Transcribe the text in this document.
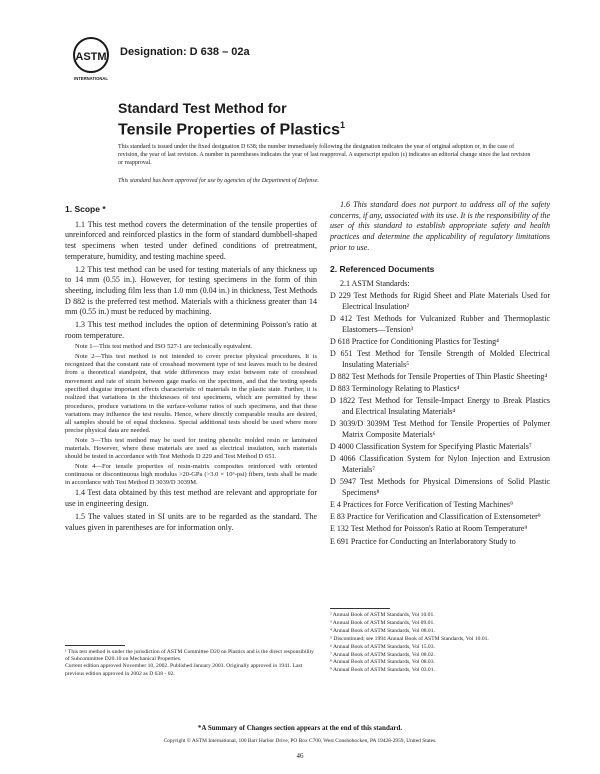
ASTM
INTERNATIONAL
Designation: D 638 – 02a
Standard Test Method for
Tensile Properties of Plastics$^1$
This standard is issued under the fixed designation D 638; the number immediately following the designation indicates the year of original adoption or, in the case of revision, the year of last revision. A number in parentheses indicates the year of last reapproval. A superscript epsilon (ε) indicates an editorial change since the last revision or reapproval.
This standard has been approved for use by agencies of the Department of Defense.
1. Scope *

1.1 This test method covers the determination of the tensile properties of unreinforced and reinforced plastics in the form of standard dumbbell-shaped test specimens when tested under defined conditions of pretreatment, temperature, humidity, and testing machine speed.

1.2 This test method can be used for testing materials of any thickness up to 14 mm (0.55 in.). However, for testing specimens in the form of thin sheeting, including film less than 1.0 mm (0.04 in.) in thickness, Test Methods D 882 is the preferred test method. Materials with a thickness greater than 14 mm (0.55 in.) must be reduced by machining.

1.3 This test method includes the option of determining Poisson's ratio at room temperature.

Note 1—This test method and ISO 527-1 are technically equivalent.

Note 2—This test method is not intended to cover precise physical procedures. It is recognized that the constant rate of crosshead movement type of test leaves much to be desired from a theoretical standpoint, that wide differences may exist between rate of crosshead movement and rate of strain between gage marks on the specimen, and that the testing speeds specified disguise important effects characteristic of materials in the plastic state. Further, it is realized that variations in the thicknesses of test specimens, which are permitted by these procedures, produce variations in the surface-volume ratios of such specimens, and that these variations may influence the test results. Hence, where directly comparable results are desired, all samples should be of equal thickness. Special additional tests should be used where more precise physical data are needed.

Note 3—This test method may be used for testing phenolic molded resin or laminated materials. However, where these materials are used as electrical insulation, such materials should be tested in accordance with Test Methods D 229 and Test Method D 651.

Note 4—For tensile properties of resin-matrix composites reinforced with oriented continuous or discontinuous high modulus >20-GPa (>3.0 × 10⁶-psi) fibers, tests shall be made in accordance with Test Method D 3039/D 3039M.

1.4 Test data obtained by this test method are relevant and appropriate for use in engineering design.

1.5 The values stated in SI units are to be regarded as the standard. The values given in parentheses are for information only.

1.6 This standard does not purport to address all of the safety concerns, if any, associated with its use. It is the responsibility of the user of this standard to establish appropriate safety and health practices and determine the applicability of regulatory limitations prior to use.

2. Referenced Documents

2.1 ASTM Standards:

D 229 Test Methods for Rigid Sheet and Plate Materials Used for Electrical Insulation²

D 412 Test Methods for Vulcanized Rubber and Thermoplastic Elastomers—Tension³

D 618 Practice for Conditioning Plastics for Testing⁴

D 651 Test Method for Tensile Strength of Molded Electrical Insulating Materials⁵

D 882 Test Methods for Tensile Properties of Thin Plastic Sheeting⁴

D 883 Terminology Relating to Plastics⁴

D 1822 Test Method for Tensile-Impact Energy to Break Plastics and Electrical Insulating Materials⁴

D 3039/D 3039M Test Method for Tensile Properties of Polymer Matrix Composite Materials⁶

D 4000 Classification System for Specifying Plastic Materials⁷

D 4066 Classification System for Nylon Injection and Extrusion Materials⁷

D 5947 Test Methods for Physical Dimensions of Solid Plastic Specimens⁸

E 4 Practices for Force Verification of Testing Machines⁹

E 83 Practice for Verification and Classification of Extensometer⁹

E 132 Test Method for Poisson's Ratio at Room Temperature⁹

E 691 Practice for Conducting an Interlaboratory Study to

¹ This test method is under the jurisdiction of ASTM Committee D20 on Plastics and is the direct responsibility of Subcommittee D20.10 on Mechanical Properties.
Current edition approved November 10, 2002. Published January 2003. Originally approved in 1941. Last previous edition approved in 2002 as D 638 - 02.
² Annual Book of ASTM Standards, Vol 10.01.
³ Annual Book of ASTM Standards, Vol 09.01.
⁴ Annual Book of ASTM Standards, Vol 08.01.
⁵ Discontinued; see 1994 Annual Book of ASTM Standards, Vol 10.01.
⁶ Annual Book of ASTM Standards, Vol 15.03.
⁷ Annual Book of ASTM Standards, Vol 08.02.
⁸ Annual Book of ASTM Standards, Vol 08.03.
⁹ Annual Book of ASTM Standards, Vol 03.01.
*A Summary of Changes section appears at the end of this standard.
Copyright © ASTM International, 100 Barr Harbor Drive, PO Box C700, West Conshohocken, PA 19428-2959, United States.
46
